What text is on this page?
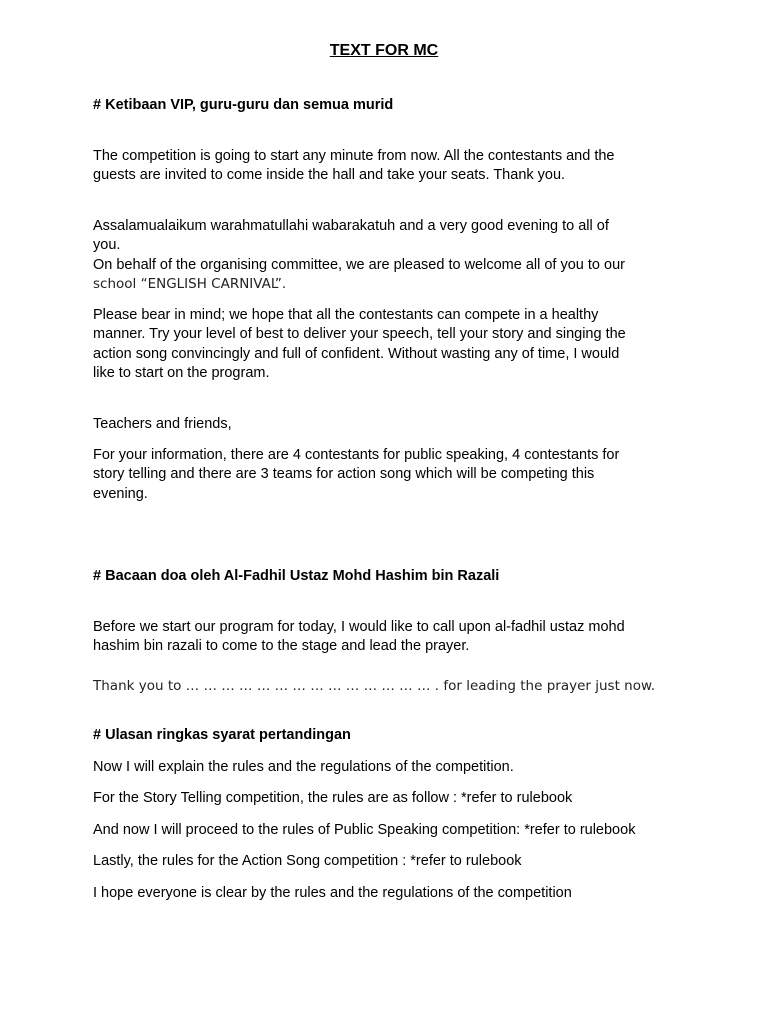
TEXT FOR MC
# Ketibaan VIP, guru-guru dan semua murid
The competition is going to start any minute from now. All the contestants and the
guests are invited to come inside the hall and take your seats. Thank you.
Assalamualaikum warahmatullahi wabarakatuh and a very good evening to all of
you.
On behalf of the organising committee, we are pleased to welcome all of you to our
school “ENGLISH CARNIVAL”.
Please bear in mind; we hope that all the contestants can compete in a healthy
manner. Try your level of best to deliver your speech, tell your story and singing the
action song convincingly and full of confident. Without wasting any of time, I would
like to start on the program.
Teachers and friends,
For your information, there are 4 contestants for public speaking, 4 contestants for
story telling and there are 3 teams for action song which will be competing this
evening.
# Bacaan doa oleh Al-Fadhil Ustaz Mohd Hashim bin Razali
Before we start our program for today, I would like to call upon al-fadhil ustaz mohd
hashim bin razali to come to the stage and lead the prayer.
Thank you to … … … … … … … … … … … … … … . for leading the prayer just now.
# Ulasan ringkas syarat pertandingan
Now I will explain the rules and the regulations of the competition.
For the Story Telling competition, the rules are as follow : *refer to rulebook
And now I will proceed to the rules of Public Speaking competition: *refer to rulebook
Lastly, the rules for the Action Song competition : *refer to rulebook
I hope everyone is clear by the rules and the regulations of the competition
